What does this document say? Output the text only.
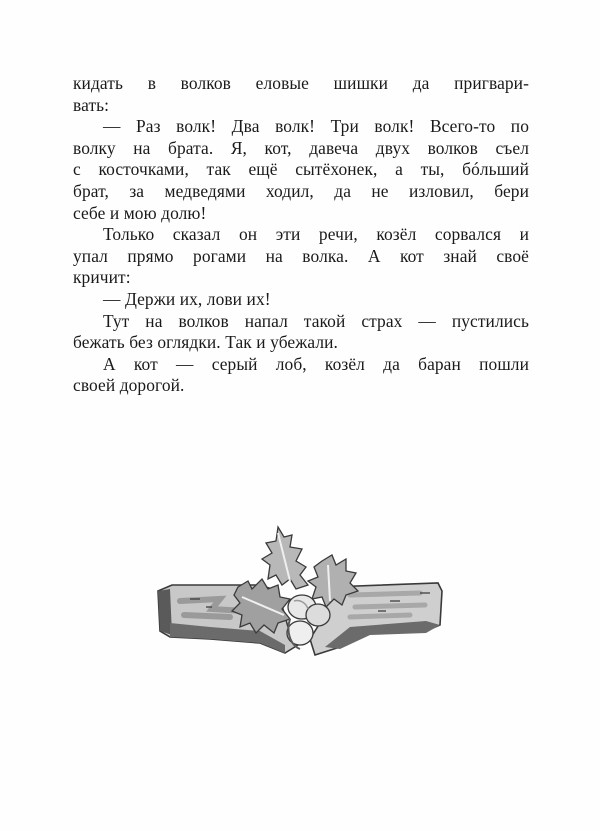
кидать в волков еловые шишки да пригвари-
вать:
— Раз волк! Два волк! Три волк! Всего-то по
волку на брата. Я, кот, давеча двух волков съел
с косточками, так ещё сытёхонек, а ты, бóльший
брат, за медведями ходил, да не изловил, бери
себе и мою долю!
Только сказал он эти речи, козёл сорвался и
упал прямо рогами на волка. А кот знай своё
кричит:
— Держи их, лови их!
Тут на волков напал такой страх — пустились
бежать без оглядки. Так и убежали.
А кот — серый лоб, козёл да баран пошли
своей дорогой.
